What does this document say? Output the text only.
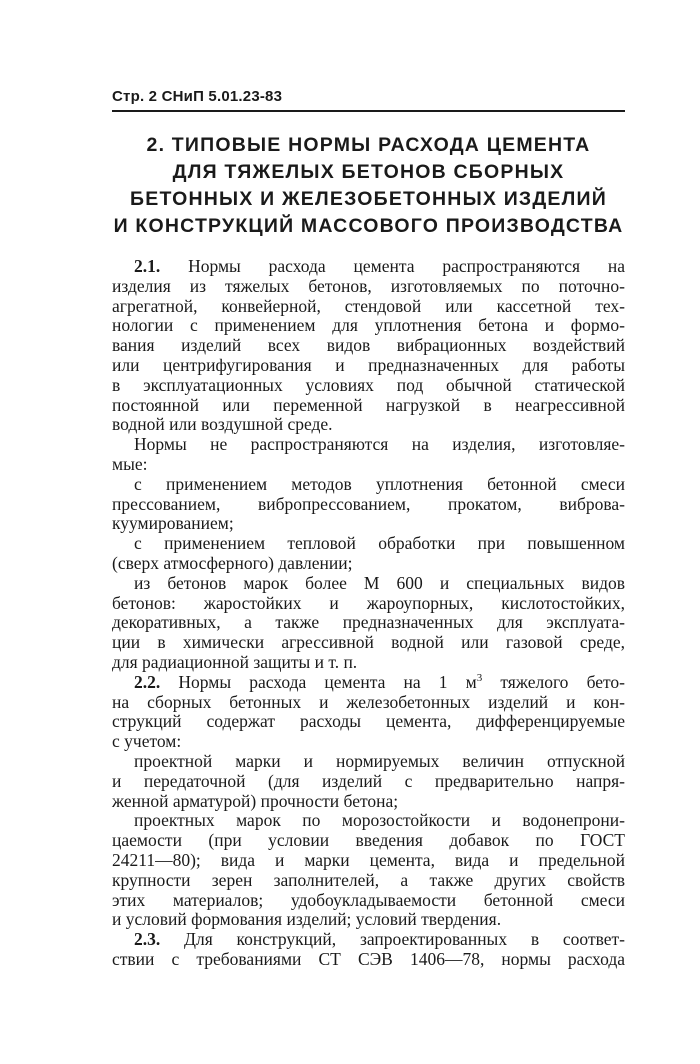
Стр. 2 СНиП 5.01.23-83
2. ТИПОВЫЕ НОРМЫ РАСХОДА ЦЕМЕНТА
ДЛЯ ТЯЖЕЛЫХ БЕТОНОВ СБОРНЫХ
БЕТОННЫХ И ЖЕЛЕЗОБЕТОННЫХ ИЗДЕЛИЙ
И КОНСТРУКЦИЙ МАССОВОГО ПРОИЗВОДСТВА
2.1. Нормы расхода цемента распространяются на
изделия из тяжелых бетонов, изготовляемых по поточно-
агрегатной, конвейерной, стендовой или кассетной тех-
нологии с применением для уплотнения бетона и формо-
вания изделий всех видов вибрационных воздействий
или центрифугирования и предназначенных для работы
в эксплуатационных условиях под обычной статической
постоянной или переменной нагрузкой в неагрессивной
водной или воздушной среде.
Нормы не распространяются на изделия, изготовляе-
мые:
с применением методов уплотнения бетонной смеси
прессованием, вибропрессованием, прокатом, виброва-
куумированием;
с применением тепловой обработки при повышенном
(сверх атмосферного) давлении;
из бетонов марок более М 600 и специальных видов
бетонов: жаростойких и жароупорных, кислотостойких,
декоративных, а также предназначенных для эксплуата-
ции в химически агрессивной водной или газовой среде,
для радиационной защиты и т. п.
2.2. Нормы расхода цемента на 1 $м^3$ тяжелого бето-
на сборных бетонных и железобетонных изделий и кон-
струкций содержат расходы цемента, дифференцируемые
с учетом:
проектной марки и нормируемых величин отпускной
и передаточной (для изделий с предварительно напря-
женной арматурой) прочности бетона;
проектных марок по морозостойкости и водонепрони-
цаемости (при условии введения добавок по ГОСТ
24211—80); вида и марки цемента, вида и предельной
крупности зерен заполнителей, а также других свойств
этих материалов; удобоукладываемости бетонной смеси
и условий формования изделий; условий твердения.
2.3. Для конструкций, запроектированных в соответ-
ствии с требованиями СТ СЭВ 1406—78, нормы расхода
